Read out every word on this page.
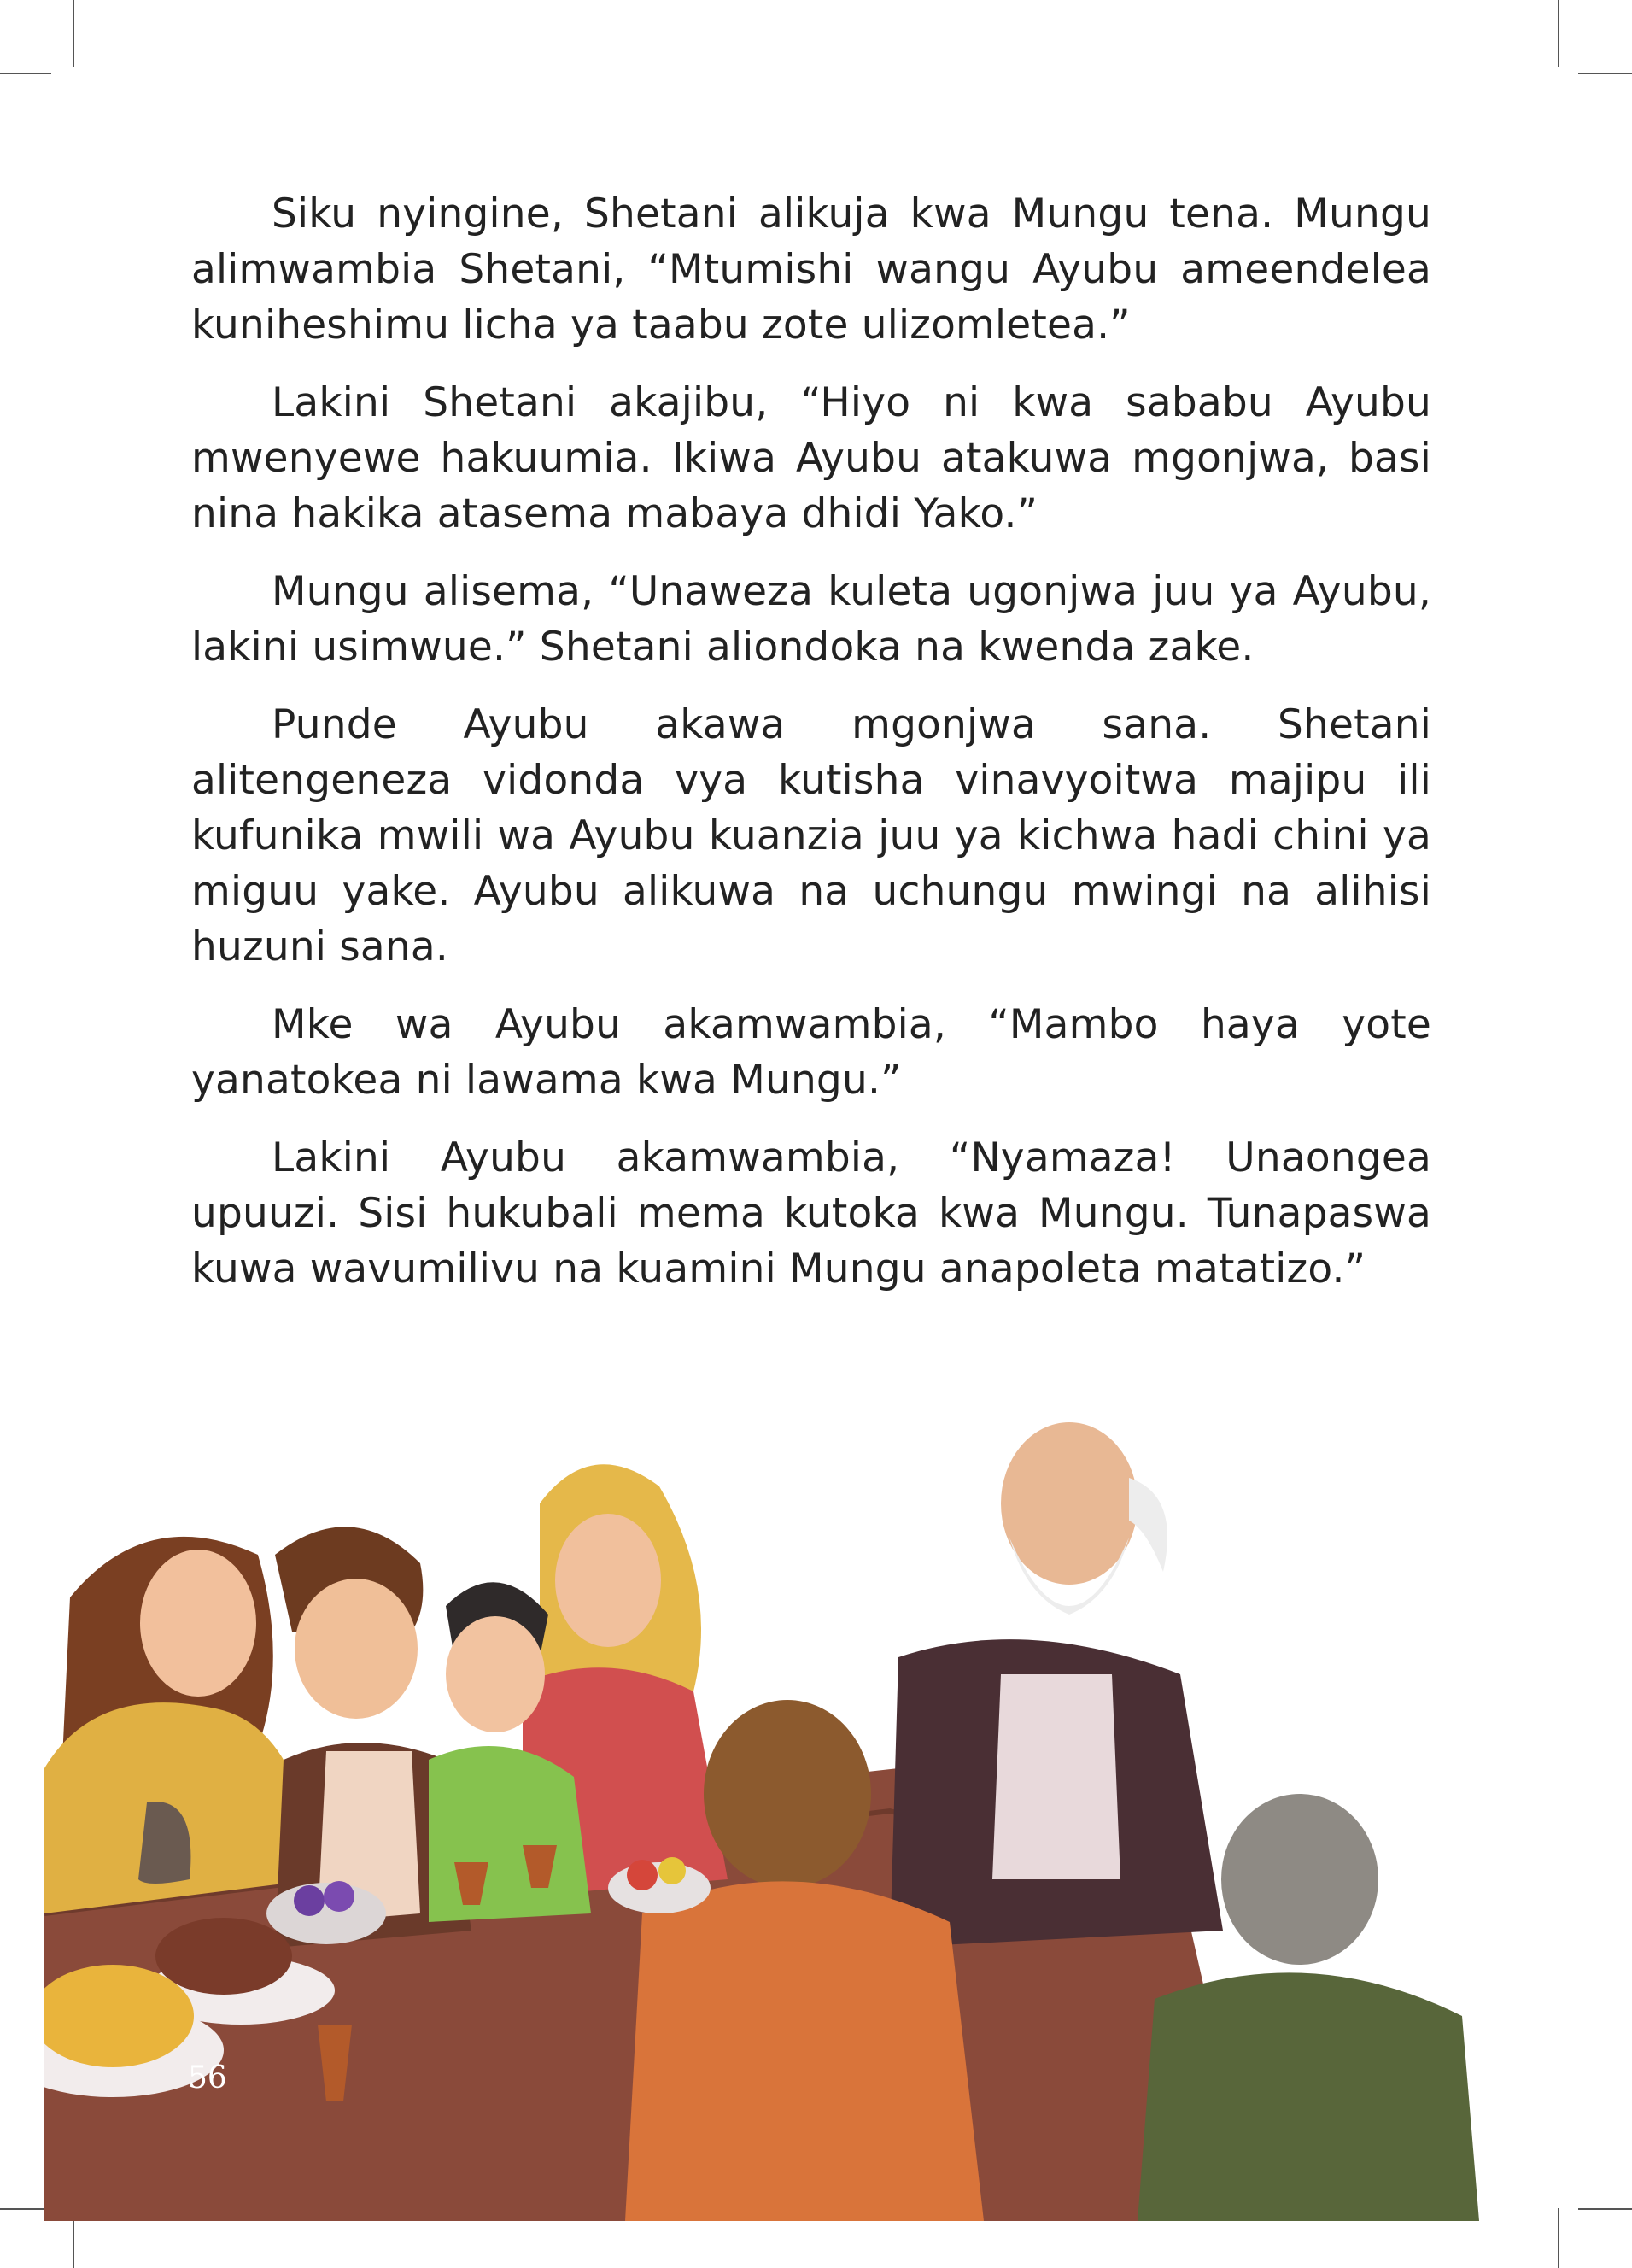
Siku nyingine, Shetani alikuja kwa Mungu tena. Mungu alimwambia Shetani, “Mtumishi wangu Ayubu ameendelea kuniheshimu licha ya taabu zote ulizomletea.”

Lakini Shetani akajibu, “Hiyo ni kwa sababu Ayubu mwenyewe hakuumia. Ikiwa Ayubu atakuwa mgonjwa, basi nina hakika atasema mabaya dhidi Yako.”

Mungu alisema, “Unaweza kuleta ugonjwa juu ya Ayubu, lakini usimwue.” Shetani aliondoka na kwenda zake.

Punde Ayubu akawa mgonjwa sana. Shetani alitengeneza vidonda vya kutisha vinavyoitwa majipu ili kufunika mwili wa Ayubu kuanzia juu ya kichwa hadi chini ya miguu yake. Ayubu alikuwa na uchungu mwingi na alihisi huzuni sana.

Mke wa Ayubu akamwambia, “Mambo haya yote yanatokea ni lawama kwa Mungu.”

Lakini Ayubu akamwambia, “Nyamaza! Unaongea upuuzi. Sisi hukubali mema kutoka kwa Mungu. Tunapaswa kuwa wavumilivu na kuamini Mungu anapoleta matatizo.”

56
